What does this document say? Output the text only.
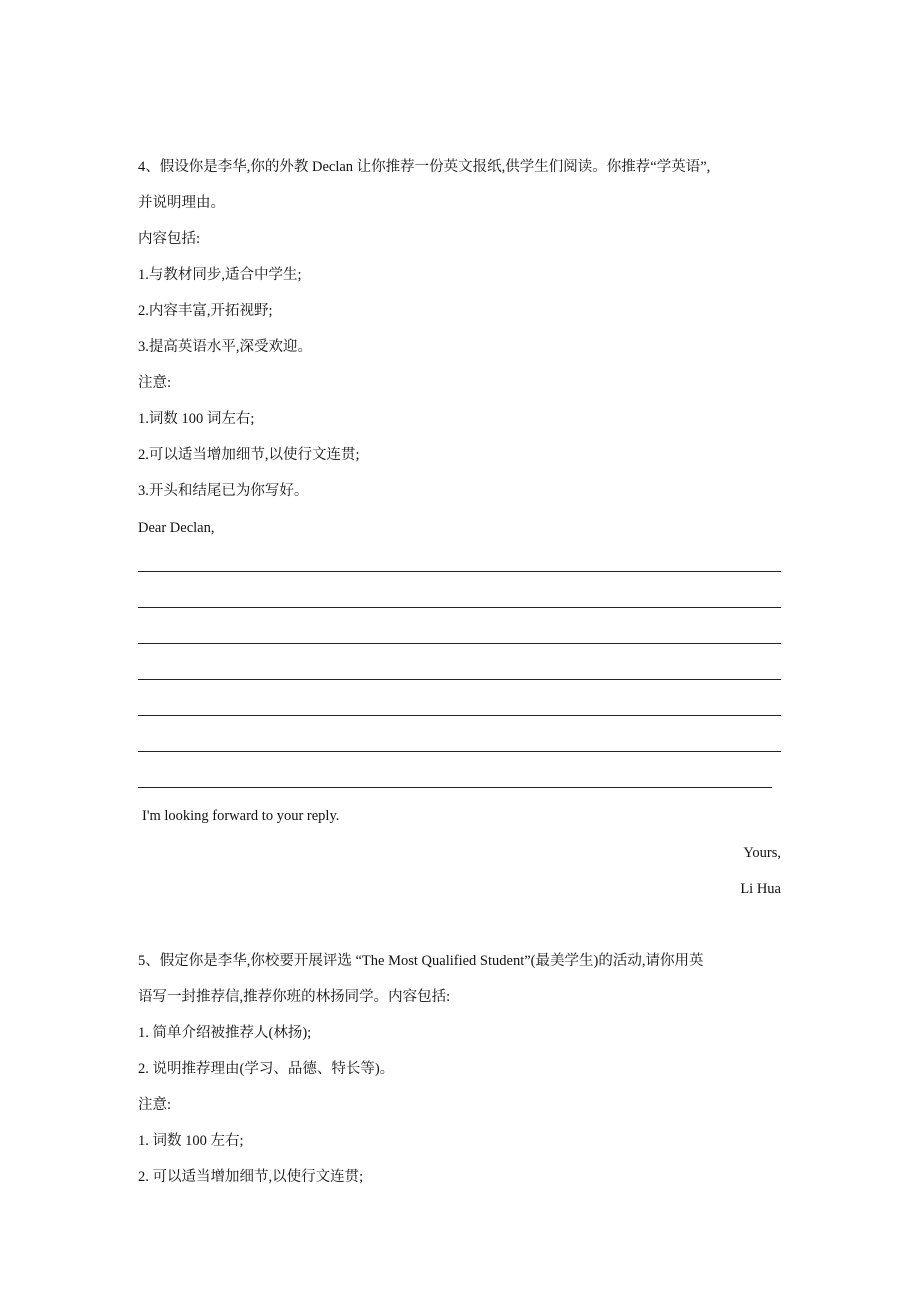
4、假设你是李华,你的外教 Declan 让你推荐一份英文报纸,供学生们阅读。你推荐“学英语”,
并说明理由。
内容包括:
1.与教材同步,适合中学生;
2.内容丰富,开拓视野;
3.提高英语水平,深受欢迎。
注意:
1.词数 100 词左右;
2.可以适当增加细节,以使行文连贯;
3.开头和结尾已为你写好。
Dear Declan,
I'm looking forward to your reply.
Yours,
Li Hua
5、假定你是李华,你校要开展评选 “The Most Qualified Student”(最美学生)的活动,请你用英
语写一封推荐信,推荐你班的林扬同学。内容包括:
1. 简单介绍被推荐人(林扬);
2. 说明推荐理由(学习、品德、特长等)。
注意:
1. 词数 100 左右;
2. 可以适当增加细节,以使行文连贯;
